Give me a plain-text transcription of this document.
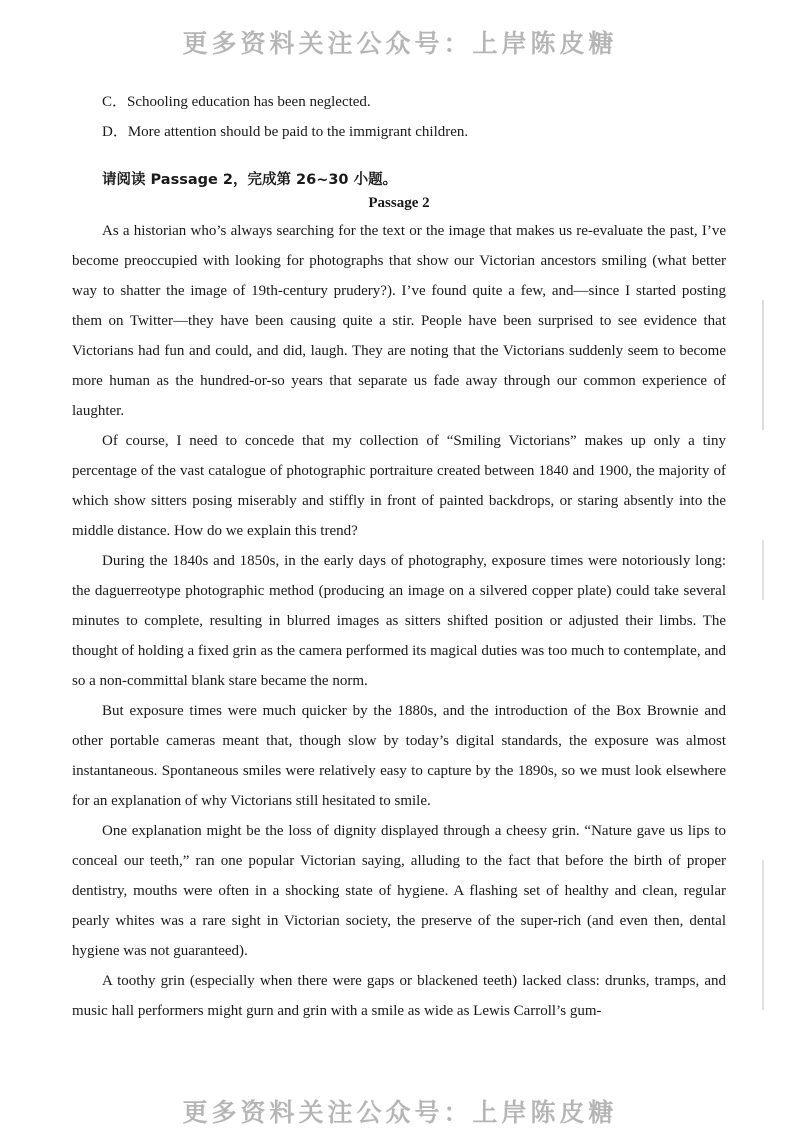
更多资料关注公众号：上岸陈皮糖

C．Schooling education has been neglected.

D．More attention should be paid to the immigrant children.

请阅读 Passage 2，完成第 26~30 小题。

Passage 2

As a historian who’s always searching for the text or the image that makes us re-evaluate the past, I’ve become preoccupied with looking for photographs that show our Victorian ancestors smiling (what better way to shatter the image of 19th-century prudery?). I’ve found quite a few, and—since I started posting them on Twitter—they have been causing quite a stir. People have been surprised to see evidence that Victorians had fun and could, and did, laugh. They are noting that the Victorians suddenly seem to become more human as the hundred-or-so years that separate us fade away through our common experience of laughter.

Of course, I need to concede that my collection of “Smiling Victorians” makes up only a tiny percentage of the vast catalogue of photographic portraiture created between 1840 and 1900, the majority of which show sitters posing miserably and stiffly in front of painted backdrops, or staring absently into the middle distance. How do we explain this trend?

During the 1840s and 1850s, in the early days of photography, exposure times were notoriously long: the daguerreotype photographic method (producing an image on a silvered copper plate) could take several minutes to complete, resulting in blurred images as sitters shifted position or adjusted their limbs. The thought of holding a fixed grin as the camera performed its magical duties was too much to contemplate, and so a non-committal blank stare became the norm.

But exposure times were much quicker by the 1880s, and the introduction of the Box Brownie and other portable cameras meant that, though slow by today’s digital standards, the exposure was almost instantaneous. Spontaneous smiles were relatively easy to capture by the 1890s, so we must look elsewhere for an explanation of why Victorians still hesitated to smile.

One explanation might be the loss of dignity displayed through a cheesy grin. “Nature gave us lips to conceal our teeth,” ran one popular Victorian saying, alluding to the fact that before the birth of proper dentistry, mouths were often in a shocking state of hygiene. A flashing set of healthy and clean, regular pearly whites was a rare sight in Victorian society, the preserve of the super-rich (and even then, dental hygiene was not guaranteed).

A toothy grin (especially when there were gaps or blackened teeth) lacked class: drunks, tramps, and music hall performers might gurn and grin with a smile as wide as Lewis Carroll’s gum-

更多资料关注公众号：上岸陈皮糖
